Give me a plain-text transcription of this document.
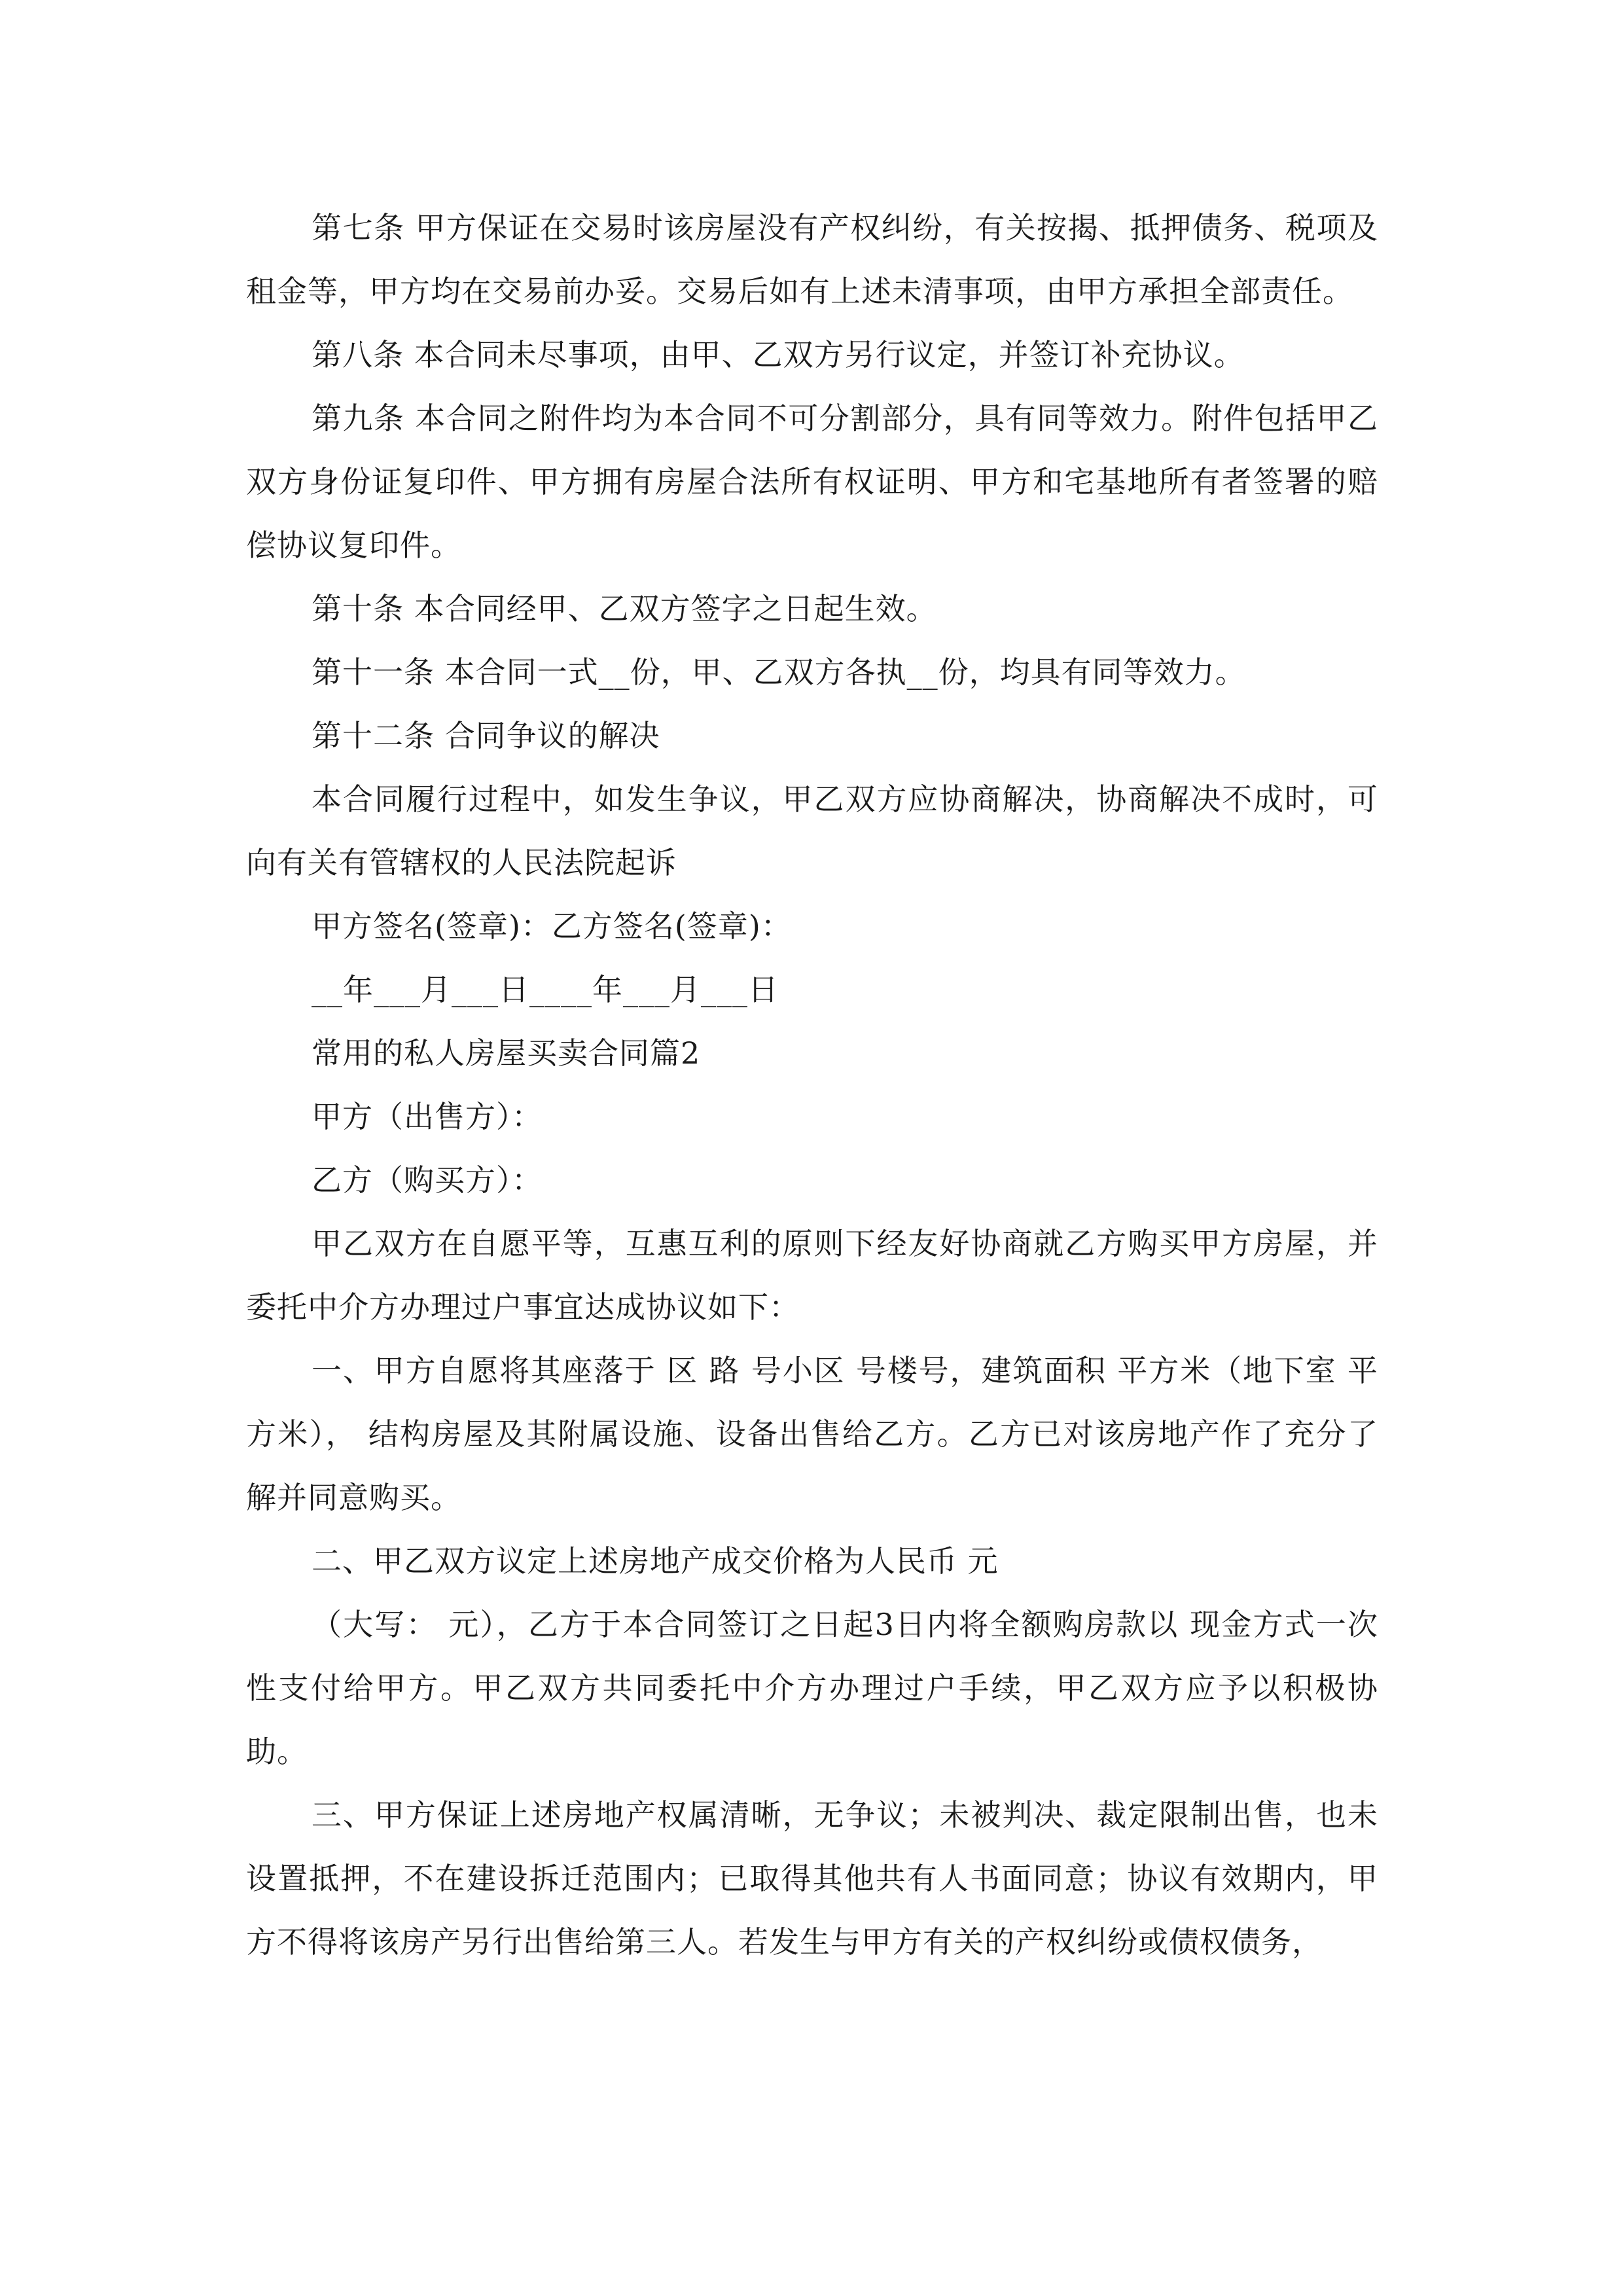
第七条 甲方保证在交易时该房屋没有产权纠纷，有关按揭、抵押债务、税项及租金等，甲方均在交易前办妥。交易后如有上述未清事项，由甲方承担全部责任。

第八条 本合同未尽事项，由甲、乙双方另行议定，并签订补充协议。

第九条 本合同之附件均为本合同不可分割部分，具有同等效力。附件包括甲乙双方身份证复印件、甲方拥有房屋合法所有权证明、甲方和宅基地所有者签署的赔偿协议复印件。

第十条 本合同经甲、乙双方签字之日起生效。

第十一条 本合同一式__份，甲、乙双方各执__份，均具有同等效力。

第十二条 合同争议的解决

本合同履行过程中，如发生争议，甲乙双方应协商解决，协商解决不成时，可向有关有管辖权的人民法院起诉

甲方签名(签章)：乙方签名(签章)：

__年___月___日____年___月___日

常用的私人房屋买卖合同篇2

甲方（出售方）：

乙方（购买方）：

甲乙双方在自愿平等，互惠互利的原则下经友好协商就乙方购买甲方房屋，并委托中介方办理过户事宜达成协议如下：

一、甲方自愿将其座落于 区 路 号小区 号楼号，建筑面积 平方米（地下室 平方米）， 结构房屋及其附属设施、设备出售给乙方。乙方已对该房地产作了充分了解并同意购买。

二、甲乙双方议定上述房地产成交价格为人民币 元

（大写： 元），乙方于本合同签订之日起3日内将全额购房款以 现金方式一次性支付给甲方。甲乙双方共同委托中介方办理过户手续，甲乙双方应予以积极协助。

三、甲方保证上述房地产权属清晰，无争议；未被判决、裁定限制出售，也未设置抵押，不在建设拆迁范围内；已取得其他共有人书面同意；协议有效期内，甲方不得将该房产另行出售给第三人。若发生与甲方有关的产权纠纷或债权债务，
